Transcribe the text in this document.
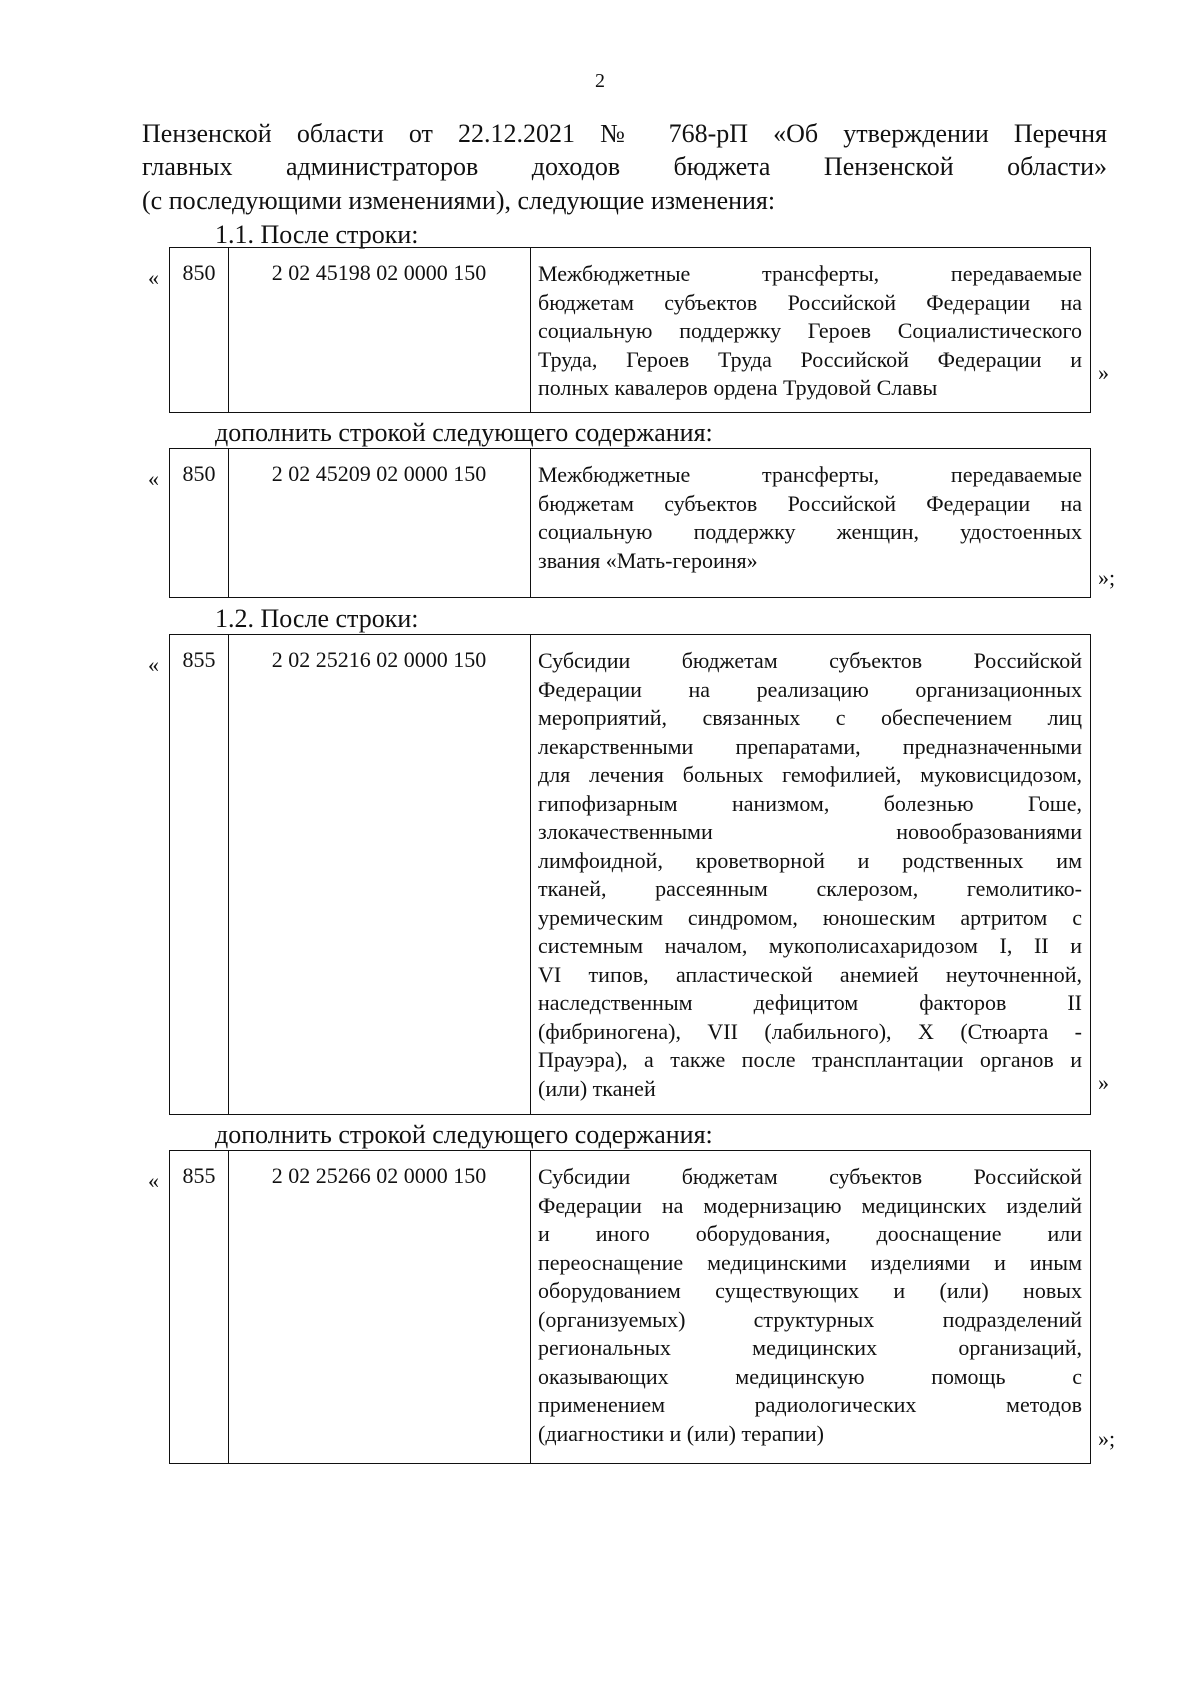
2
Пензенской области от 22.12.2021 № 768-рП «Об утверждении Перечня
главных администраторов доходов бюджета Пензенской области»
(с последующими изменениями), следующие изменения:
1.1. После строки:
«	850	2 02 45198 02 0000 150	Межбюджетные трансферты, передаваемые
бюджетам субъектов Российской Федерации на
социальную поддержку Героев Социалистического
Труда, Героев Труда Российской Федерации и
полных кавалеров ордена Трудовой Славы
»
дополнить строкой следующего содержания:
«	850	2 02 45209 02 0000 150	Межбюджетные трансферты, передаваемые
бюджетам субъектов Российской Федерации на
социальную поддержку женщин, удостоенных
звания «Мать-героиня»
»;
1.2. После строки:
«	855	2 02 25216 02 0000 150	Субсидии бюджетам субъектов Российской
Федерации на реализацию организационных
мероприятий, связанных с обеспечением лиц
лекарственными препаратами, предназначенными
для лечения больных гемофилией, муковисцидозом,
гипофизарным нанизмом, болезнью Гоше,
злокачественными новообразованиями
лимфоидной, кроветворной и родственных им
тканей, рассеянным склерозом, гемолитико-
уремическим синдромом, юношеским артритом с
системным началом, мукополисахаридозом I, II и
VI типов, апластической анемией неуточненной,
наследственным дефицитом факторов II
(фибриногена), VII (лабильного), X (Стюарта -
Прауэра), а также после трансплантации органов и
(или) тканей	»
дополнить строкой следующего содержания:
«	855	2 02 25266 02 0000 150	Субсидии бюджетам субъектов Российской
Федерации на модернизацию медицинских изделий
и иного оборудования, дооснащение или
переоснащение медицинскими изделиями и иным
оборудованием существующих и (или) новых
(организуемых) структурных подразделений
региональных медицинских организаций,
оказывающих медицинскую помощь с
применением радиологических методов
(диагностики и (или) терапии)	»;
